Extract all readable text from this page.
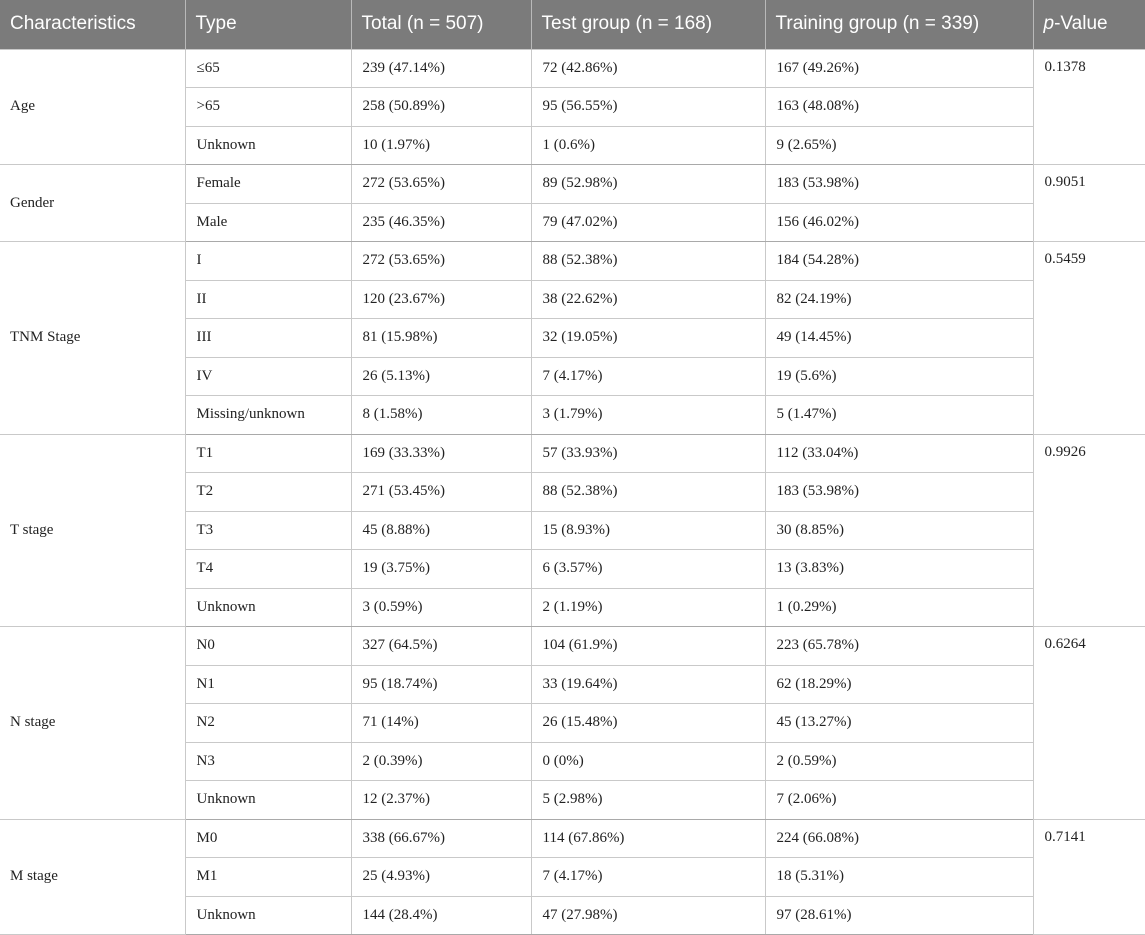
Characteristics	Type	Total (n = 507)	Test group (n = 168)	Training group (n = 339)	p-Value
Age	≤65	239 (47.14%)	72 (42.86%)	167 (49.26%)	0.1378
	>65	258 (50.89%)	95 (56.55%)	163 (48.08%)	
	Unknown	10 (1.97%)	1 (0.6%)	9 (2.65%)	
Gender	Female	272 (53.65%)	89 (52.98%)	183 (53.98%)	0.9051
	Male	235 (46.35%)	79 (47.02%)	156 (46.02%)	
TNM Stage	I	272 (53.65%)	88 (52.38%)	184 (54.28%)	0.5459
	II	120 (23.67%)	38 (22.62%)	82 (24.19%)	
	III	81 (15.98%)	32 (19.05%)	49 (14.45%)	
	IV	26 (5.13%)	7 (4.17%)	19 (5.6%)	
	Missing/unknown	8 (1.58%)	3 (1.79%)	5 (1.47%)	
T stage	T1	169 (33.33%)	57 (33.93%)	112 (33.04%)	0.9926
	T2	271 (53.45%)	88 (52.38%)	183 (53.98%)	
	T3	45 (8.88%)	15 (8.93%)	30 (8.85%)	
	T4	19 (3.75%)	6 (3.57%)	13 (3.83%)	
	Unknown	3 (0.59%)	2 (1.19%)	1 (0.29%)	
N stage	N0	327 (64.5%)	104 (61.9%)	223 (65.78%)	0.6264
	N1	95 (18.74%)	33 (19.64%)	62 (18.29%)	
	N2	71 (14%)	26 (15.48%)	45 (13.27%)	
	N3	2 (0.39%)	0 (0%)	2 (0.59%)	
	Unknown	12 (2.37%)	5 (2.98%)	7 (2.06%)	
M stage	M0	338 (66.67%)	114 (67.86%)	224 (66.08%)	0.7141
	M1	25 (4.93%)	7 (4.17%)	18 (5.31%)	
	Unknown	144 (28.4%)	47 (27.98%)	97 (28.61%)	
